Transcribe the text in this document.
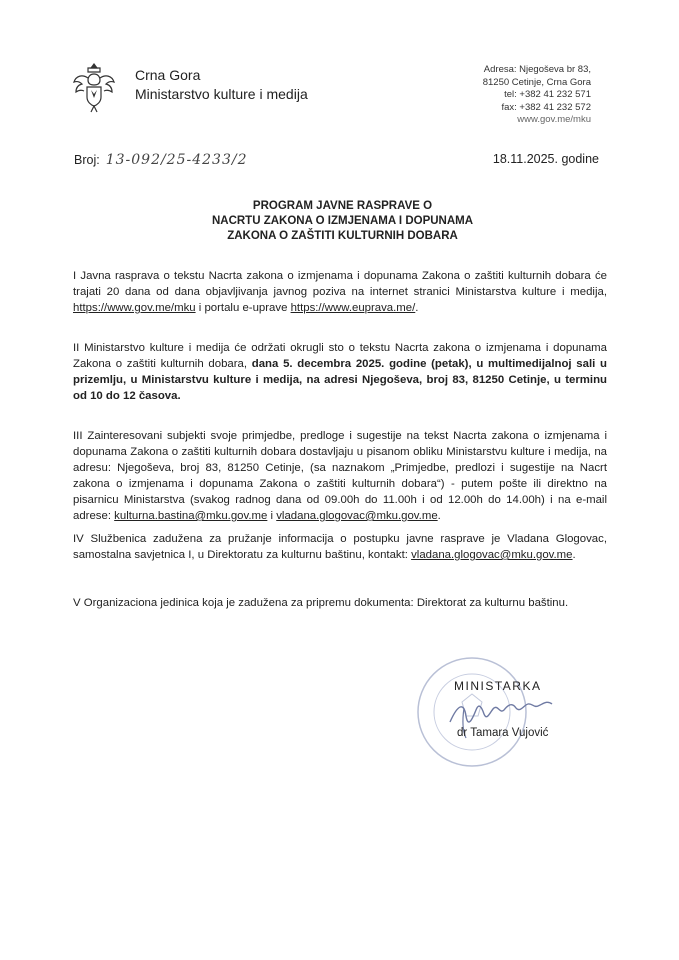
Crna Gora
Ministarstvo kulture i medija
Adresa: Njegoševa br 83,
81250 Cetinje, Crna Gora
tel: +382 41 232 571
fax: +382 41 232 572
www.gov.me/mku
Broj: 13-092/25-4233/2	18.11.2025. godine
PROGRAM JAVNE RASPRAVE O
NACRTU ZAKONA O IZMJENAMA I DOPUNAMA
ZAKONA O ZAŠTITI KULTURNIH DOBARA

I Javna rasprava o tekstu Nacrta zakona o izmjenama i dopunama Zakona o zaštiti kulturnih dobara će trajati 20 dana od dana objavljivanja javnog poziva na internet stranici Ministarstva kulture i medija, https://www.gov.me/mku i portalu e-uprave https://www.euprava.me/.

II Ministarstvo kulture i medija će održati okrugli sto o tekstu Nacrta zakona o izmjenama i dopunama Zakona o zaštiti kulturnih dobara, dana 5. decembra 2025. godine (petak), u multimedijalnoj sali u prizemlju, u Ministarstvu kulture i medija, na adresi Njegoševa, broj 83, 81250 Cetinje, u terminu od 10 do 12 časova.

III Zainteresovani subjekti svoje primjedbe, predloge i sugestije na tekst Nacrta zakona o izmjenama i dopunama Zakona o zaštiti kulturnih dobara dostavljaju u pisanom obliku Ministarstvu kulture i medija, na adresu: Njegoševa, broj 83, 81250 Cetinje, (sa naznakom „Primjedbe, predlozi i sugestije na Nacrt zakona o izmjenama i dopunama Zakona o zaštiti kulturnih dobara“) - putem pošte ili direktno na pisarnicu Ministarstva (svakog radnog dana od 09.00h do 11.00h i od 12.00h do 14.00h) i na e-mail adrese: kulturna.bastina@mku.gov.me i vladana.glogovac@mku.gov.me.

IV Službenica zadužena za pružanje informacija o postupku javne rasprave je Vladana Glogovac, samostalna savjetnica I, u Direktoratu za kulturnu baštinu, kontakt: vladana.glogovac@mku.gov.me.

V Organizaciona jedinica koja je zadužena za pripremu dokumenta: Direktorat za kulturnu baštinu.

MINISTARKA
dr Tamara Vujović
